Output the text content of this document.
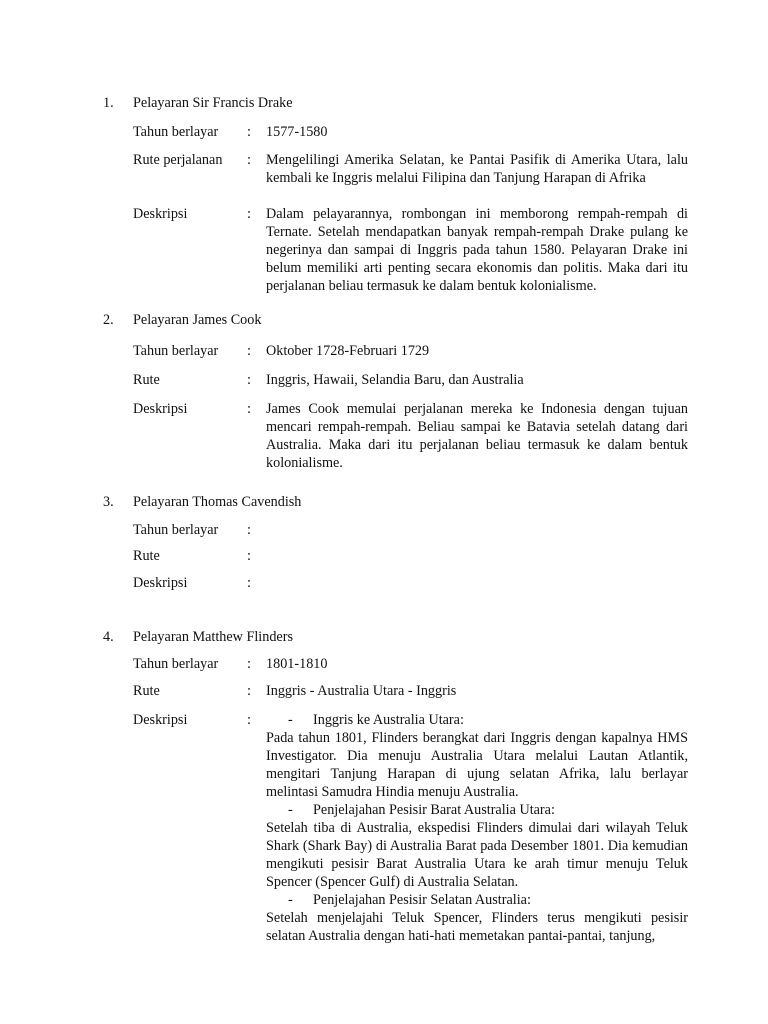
1. Pelayaran Sir Francis Drake
Tahun berlayar : 1577-1580
Rute perjalanan : Mengelilingi Amerika Selatan, ke Pantai Pasifik di Amerika Utara, lalu kembali ke Inggris melalui Filipina dan Tanjung Harapan di Afrika
Deskripsi	: Dalam pelayarannya, rombongan ini memborong rempah-rempah di Ternate. Setelah mendapatkan banyak rempah-rempah Drake pulang ke negerinya dan sampai di Inggris pada tahun 1580. Pelayaran Drake ini belum memiliki arti penting secara ekonomis dan politis. Maka dari itu perjalanan beliau termasuk ke dalam bentuk kolonialisme.
2. Pelayaran James Cook
Tahun berlayar : Oktober 1728-Februari 1729
Rute	: Inggris, Hawaii, Selandia Baru, dan Australia
Deskripsi	: James Cook memulai perjalanan mereka ke Indonesia dengan tujuan mencari rempah-rempah. Beliau sampai ke Batavia setelah datang dari Australia. Maka dari itu perjalanan beliau termasuk ke dalam bentuk kolonialisme.
3. Pelayaran Thomas Cavendish
Tahun berlayar :
Rute	:
Deskripsi	:
4. Pelayaran Matthew Flinders
Tahun berlayar : 1801-1810
Rute	: Inggris - Australia Utara - Inggris
Deskripsi	:	- Inggris ke Australia Utara:

Pada tahun 1801, Flinders berangkat dari Inggris dengan kapalnya HMS Investigator. Dia menuju Australia Utara melalui Lautan Atlantik, mengitari Tanjung Harapan di ujung selatan Afrika, lalu berlayar melintasi Samudra Hindia menuju Australia.

- Penjelajahan Pesisir Barat Australia Utara:

Setelah tiba di Australia, ekspedisi Flinders dimulai dari wilayah Teluk Shark (Shark Bay) di Australia Barat pada Desember 1801. Dia kemudian mengikuti pesisir Barat Australia Utara ke arah timur menuju Teluk Spencer (Spencer Gulf) di Australia Selatan.

- Penjelajahan Pesisir Selatan Australia:

Setelah menjelajahi Teluk Spencer, Flinders terus mengikuti pesisir selatan Australia dengan hati-hati memetakan pantai-pantai, tanjung,
